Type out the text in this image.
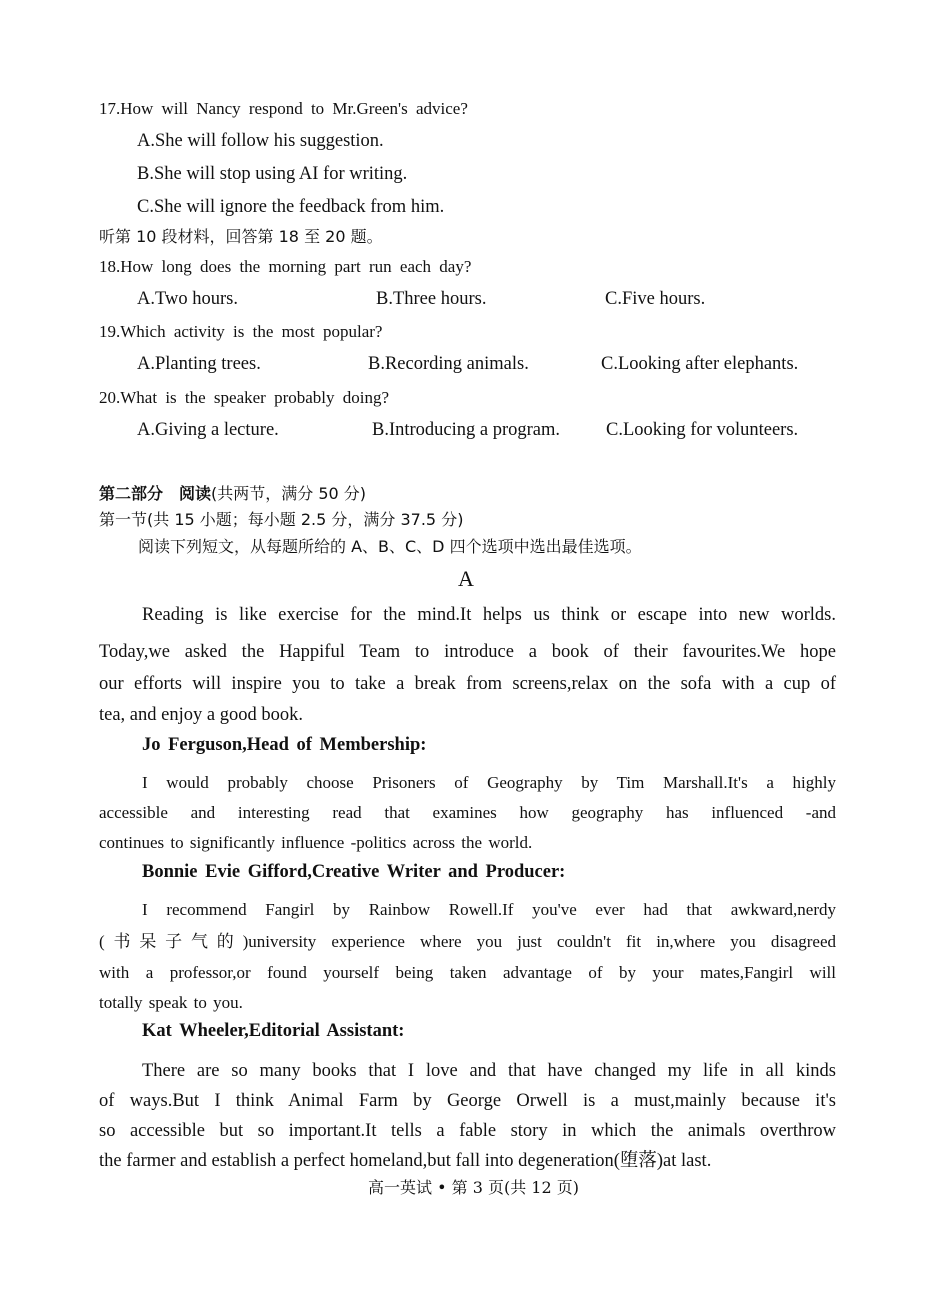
17.How will Nancy respond to Mr.Green's advice?
A.She will follow his suggestion.
B.She will stop using AI for writing.
C.She will ignore the feedback from him.
听第 10 段材料，回答第 18 至 20 题。
18.How long does the morning part run each day?
A.Two hours.	B.Three hours.	C.Five hours.
19.Which activity is the most popular?
A.Planting trees.	B.Recording animals.	C.Looking after elephants.
20.What is the speaker probably doing?
A.Giving a lecture.	B.Introducing a program. C.Looking for volunteers.
第二部分　阅读(共两节，满分 50 分)
第一节(共 15 小题；每小题 2.5 分，满分 37.5 分)
阅读下列短文，从每题所给的 A、B、C、D 四个选项中选出最佳选项。
A
Reading is like exercise for the mind.It helps us think or escape into new worlds.
Today,we asked the Happiful Team to introduce a book of their favourites.We hope
our efforts will inspire you to take a break from screens,relax on the sofa with a cup of
tea, and enjoy a good book.
Jo Ferguson,Head of Membership:
I would probably choose Prisoners of Geography by Tim Marshall.It's a highly
accessible and interesting read that examines how geography has influenced -and
continues to significantly influence -politics across the world.
Bonnie Evie Gifford,Creative Writer and Producer:
I recommend Fangirl by Rainbow Rowell.If you've ever had that awkward,nerdy
(书呆子气的)university experience where you just couldn't fit in,where you disagreed
with a professor,or found yourself being taken advantage of by your mates,Fangirl will
totally speak to you.
Kat Wheeler,Editorial Assistant:
There are so many books that I love and that have changed my life in all kinds
of ways.But I think Animal Farm by George Orwell is a must,mainly because it's
so accessible but so important.It tells a fable story in which the animals overthrow
the farmer and establish a perfect homeland,but fall into degeneration(堕落)at last.
高一英试 • 第 3 页(共 12 页)
